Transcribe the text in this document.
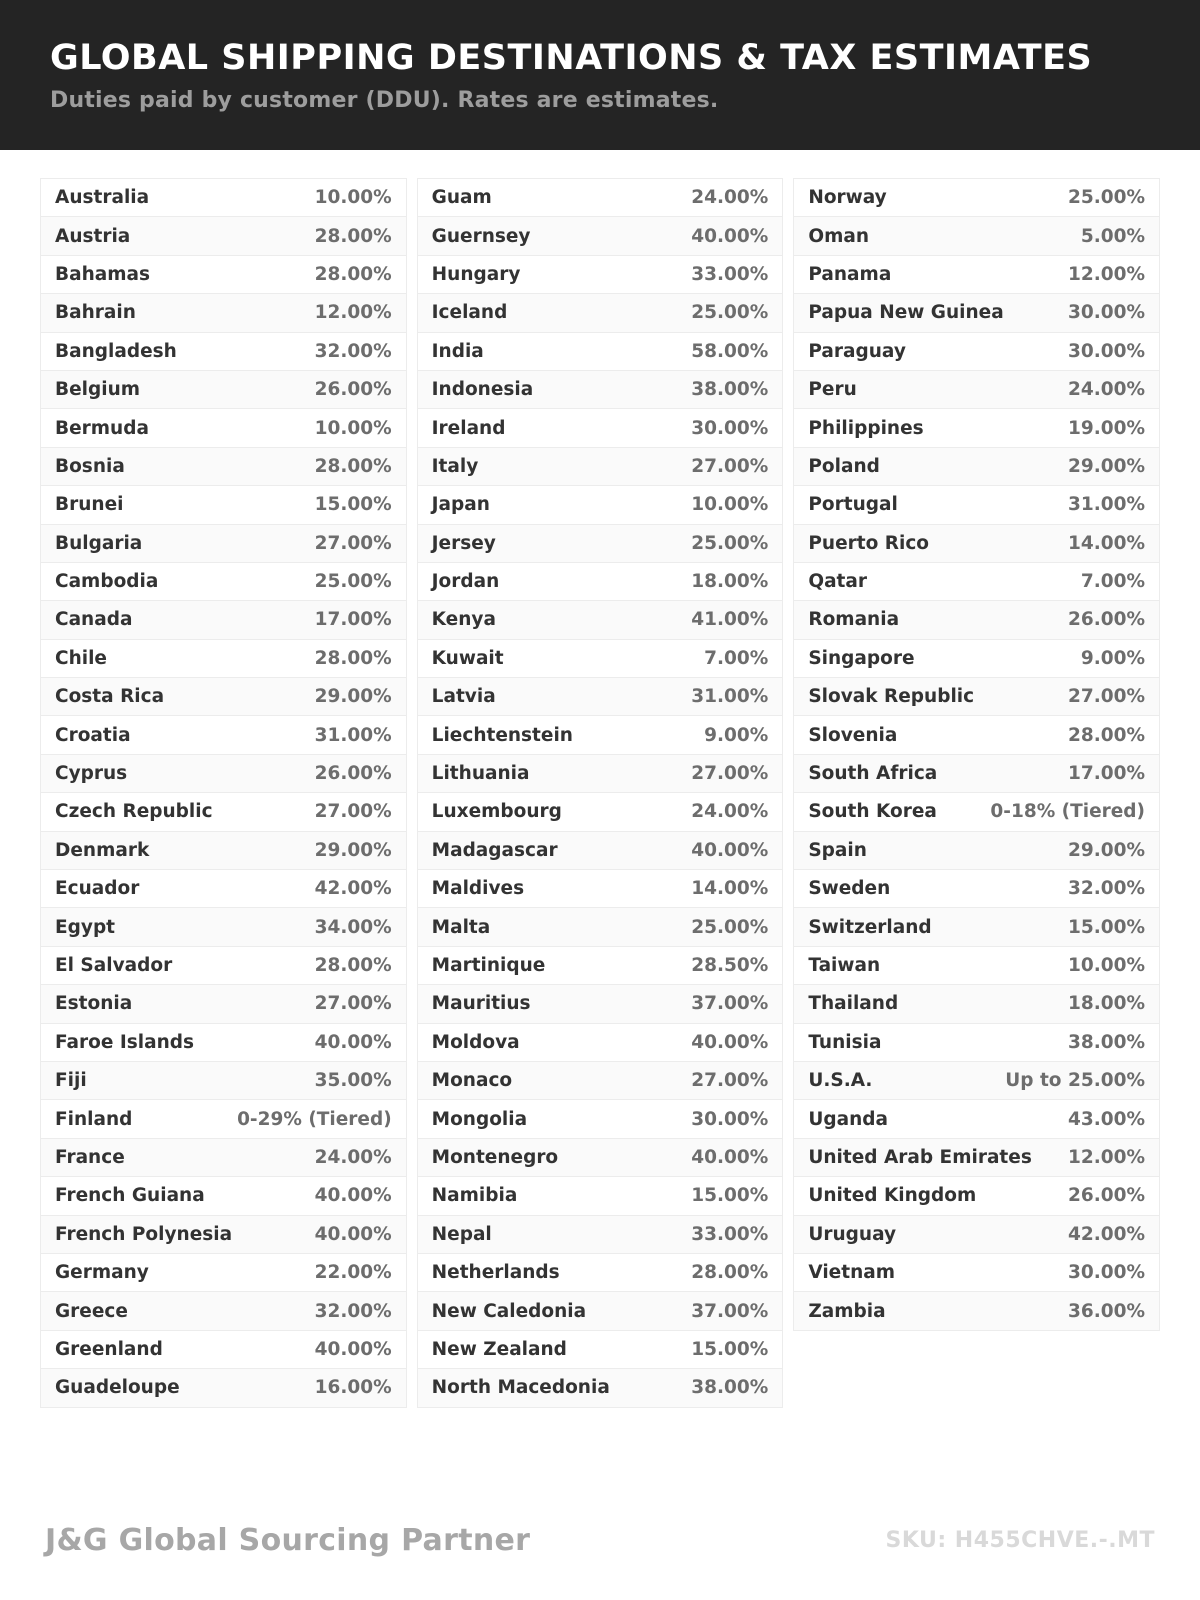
GLOBAL SHIPPING DESTINATIONS & TAX ESTIMATES
Duties paid by customer (DDU). Rates are estimates.
Australia	10.00%
Austria	28.00%
Bahamas	28.00%
Bahrain	12.00%
Bangladesh	32.00%
Belgium	26.00%
Bermuda	10.00%
Bosnia	28.00%
Brunei	15.00%
Bulgaria	27.00%
Cambodia	25.00%
Canada	17.00%
Chile	28.00%
Costa Rica	29.00%
Croatia	31.00%
Cyprus	26.00%
Czech Republic	27.00%
Denmark	29.00%
Ecuador	42.00%
Egypt	34.00%
El Salvador	28.00%
Estonia	27.00%
Faroe Islands	40.00%
Fiji	35.00%
Finland	0-29% (Tiered)
France	24.00%
French Guiana	40.00%
French Polynesia	40.00%
Germany	22.00%
Greece	32.00%
Greenland	40.00%
Guadeloupe	16.00%
Guam	24.00%
Guernsey	40.00%
Hungary	33.00%
Iceland	25.00%
India	58.00%
Indonesia	38.00%
Ireland	30.00%
Italy	27.00%
Japan	10.00%
Jersey	25.00%
Jordan	18.00%
Kenya	41.00%
Kuwait	7.00%
Latvia	31.00%
Liechtenstein	9.00%
Lithuania	27.00%
Luxembourg	24.00%
Madagascar	40.00%
Maldives	14.00%
Malta	25.00%
Martinique	28.50%
Mauritius	37.00%
Moldova	40.00%
Monaco	27.00%
Mongolia	30.00%
Montenegro	40.00%
Namibia	15.00%
Nepal	33.00%
Netherlands	28.00%
New Caledonia	37.00%
New Zealand	15.00%
North Macedonia	38.00%
Norway	25.00%
Oman	5.00%
Panama	12.00%
Papua New Guinea	30.00%
Paraguay	30.00%
Peru	24.00%
Philippines	19.00%
Poland	29.00%
Portugal	31.00%
Puerto Rico	14.00%
Qatar	7.00%
Romania	26.00%
Singapore	9.00%
Slovak Republic	27.00%
Slovenia	28.00%
South Africa	17.00%
South Korea	0-18% (Tiered)
Spain	29.00%
Sweden	32.00%
Switzerland	15.00%
Taiwan	10.00%
Thailand	18.00%
Tunisia	38.00%
U.S.A.	Up to 25.00%
Uganda	43.00%
United Arab Emirates 12.00%
United Kingdom	26.00%
Uruguay	42.00%
Vietnam	30.00%
Zambia	36.00%
J&G Global Sourcing Partner	SKU: H455CHVE.-.MT
